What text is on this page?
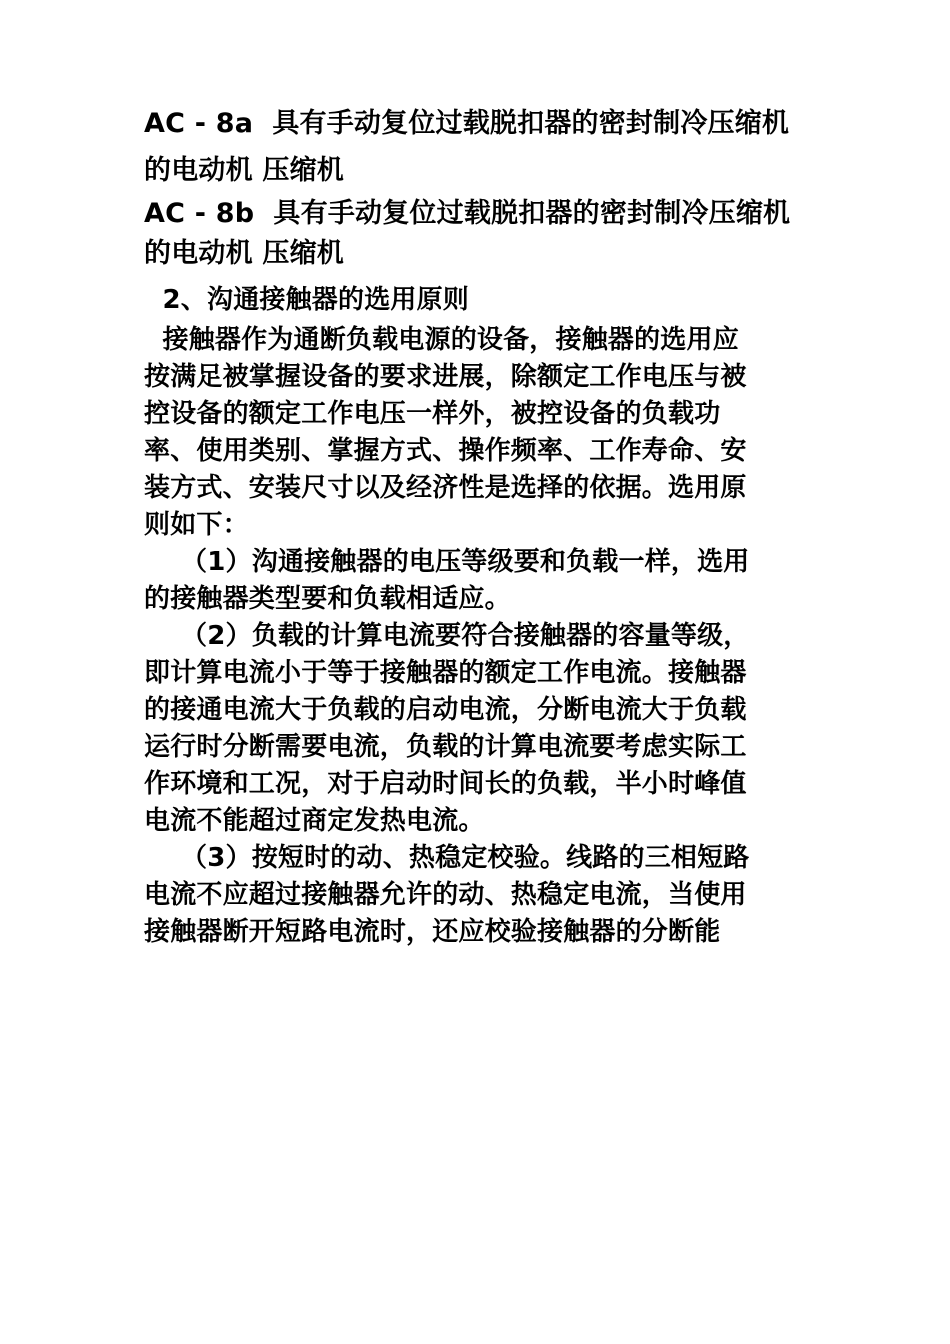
AC - 8a  具有手动复位过载脱扣器的密封制冷压缩机
的电动机 压缩机
AC - 8b  具有手动复位过载脱扣器的密封制冷压缩机
的电动机 压缩机
2、沟通接触器的选用原则
接触器作为通断负载电源的设备，接触器的选用应
按满足被掌握设备的要求进展，除额定工作电压与被
控设备的额定工作电压一样外，被控设备的负载功
率、使用类别、掌握方式、操作频率、工作寿命、安
装方式、安装尺寸以及经济性是选择的依据。选用原
则如下：
（1）沟通接触器的电压等级要和负载一样，选用
的接触器类型要和负载相适应。
（2）负载的计算电流要符合接触器的容量等级，
即计算电流小于等于接触器的额定工作电流。接触器
的接通电流大于负载的启动电流，分断电流大于负载
运行时分断需要电流，负载的计算电流要考虑实际工
作环境和工况，对于启动时间长的负载，半小时峰值
电流不能超过商定发热电流。
（3）按短时的动、热稳定校验。线路的三相短路
电流不应超过接触器允许的动、热稳定电流，当使用
接触器断开短路电流时，还应校验接触器的分断能
